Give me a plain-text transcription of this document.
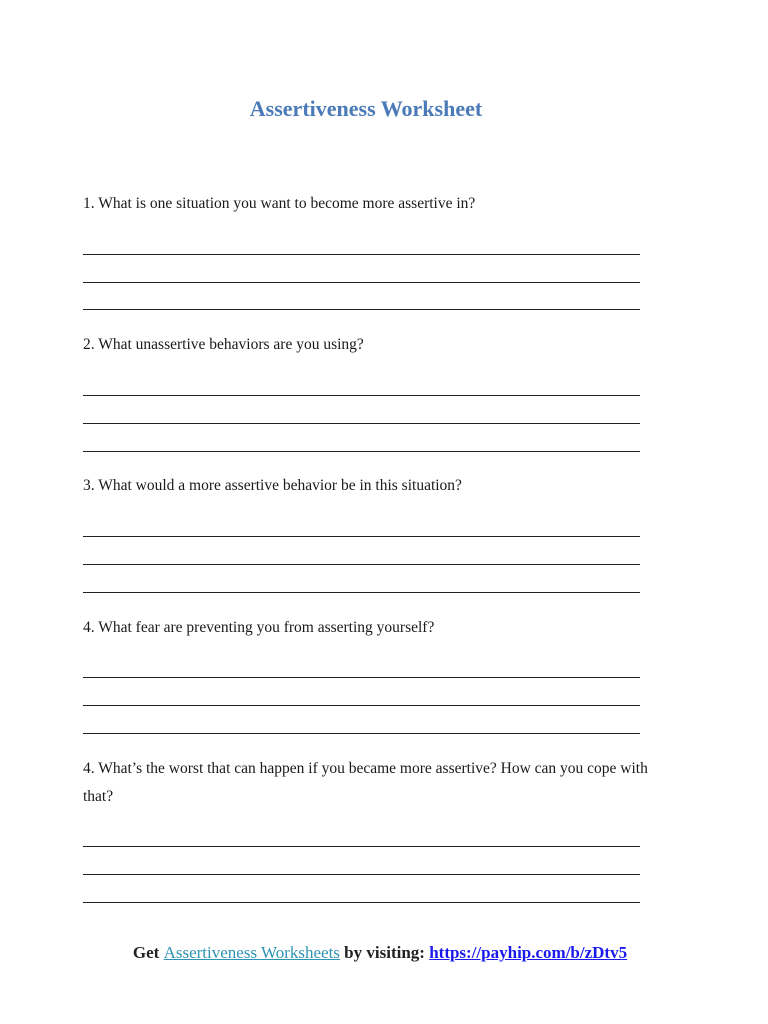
Assertiveness Worksheet
1. What is one situation you want to become more assertive in?
2. What unassertive behaviors are you using?
3. What would a more assertive behavior be in this situation?
4. What fear are preventing you from asserting yourself?
4. What’s the worst that can happen if you became more assertive? How can you cope with that?
Get Assertiveness Worksheets by visiting: https://payhip.com/b/zDtv5
